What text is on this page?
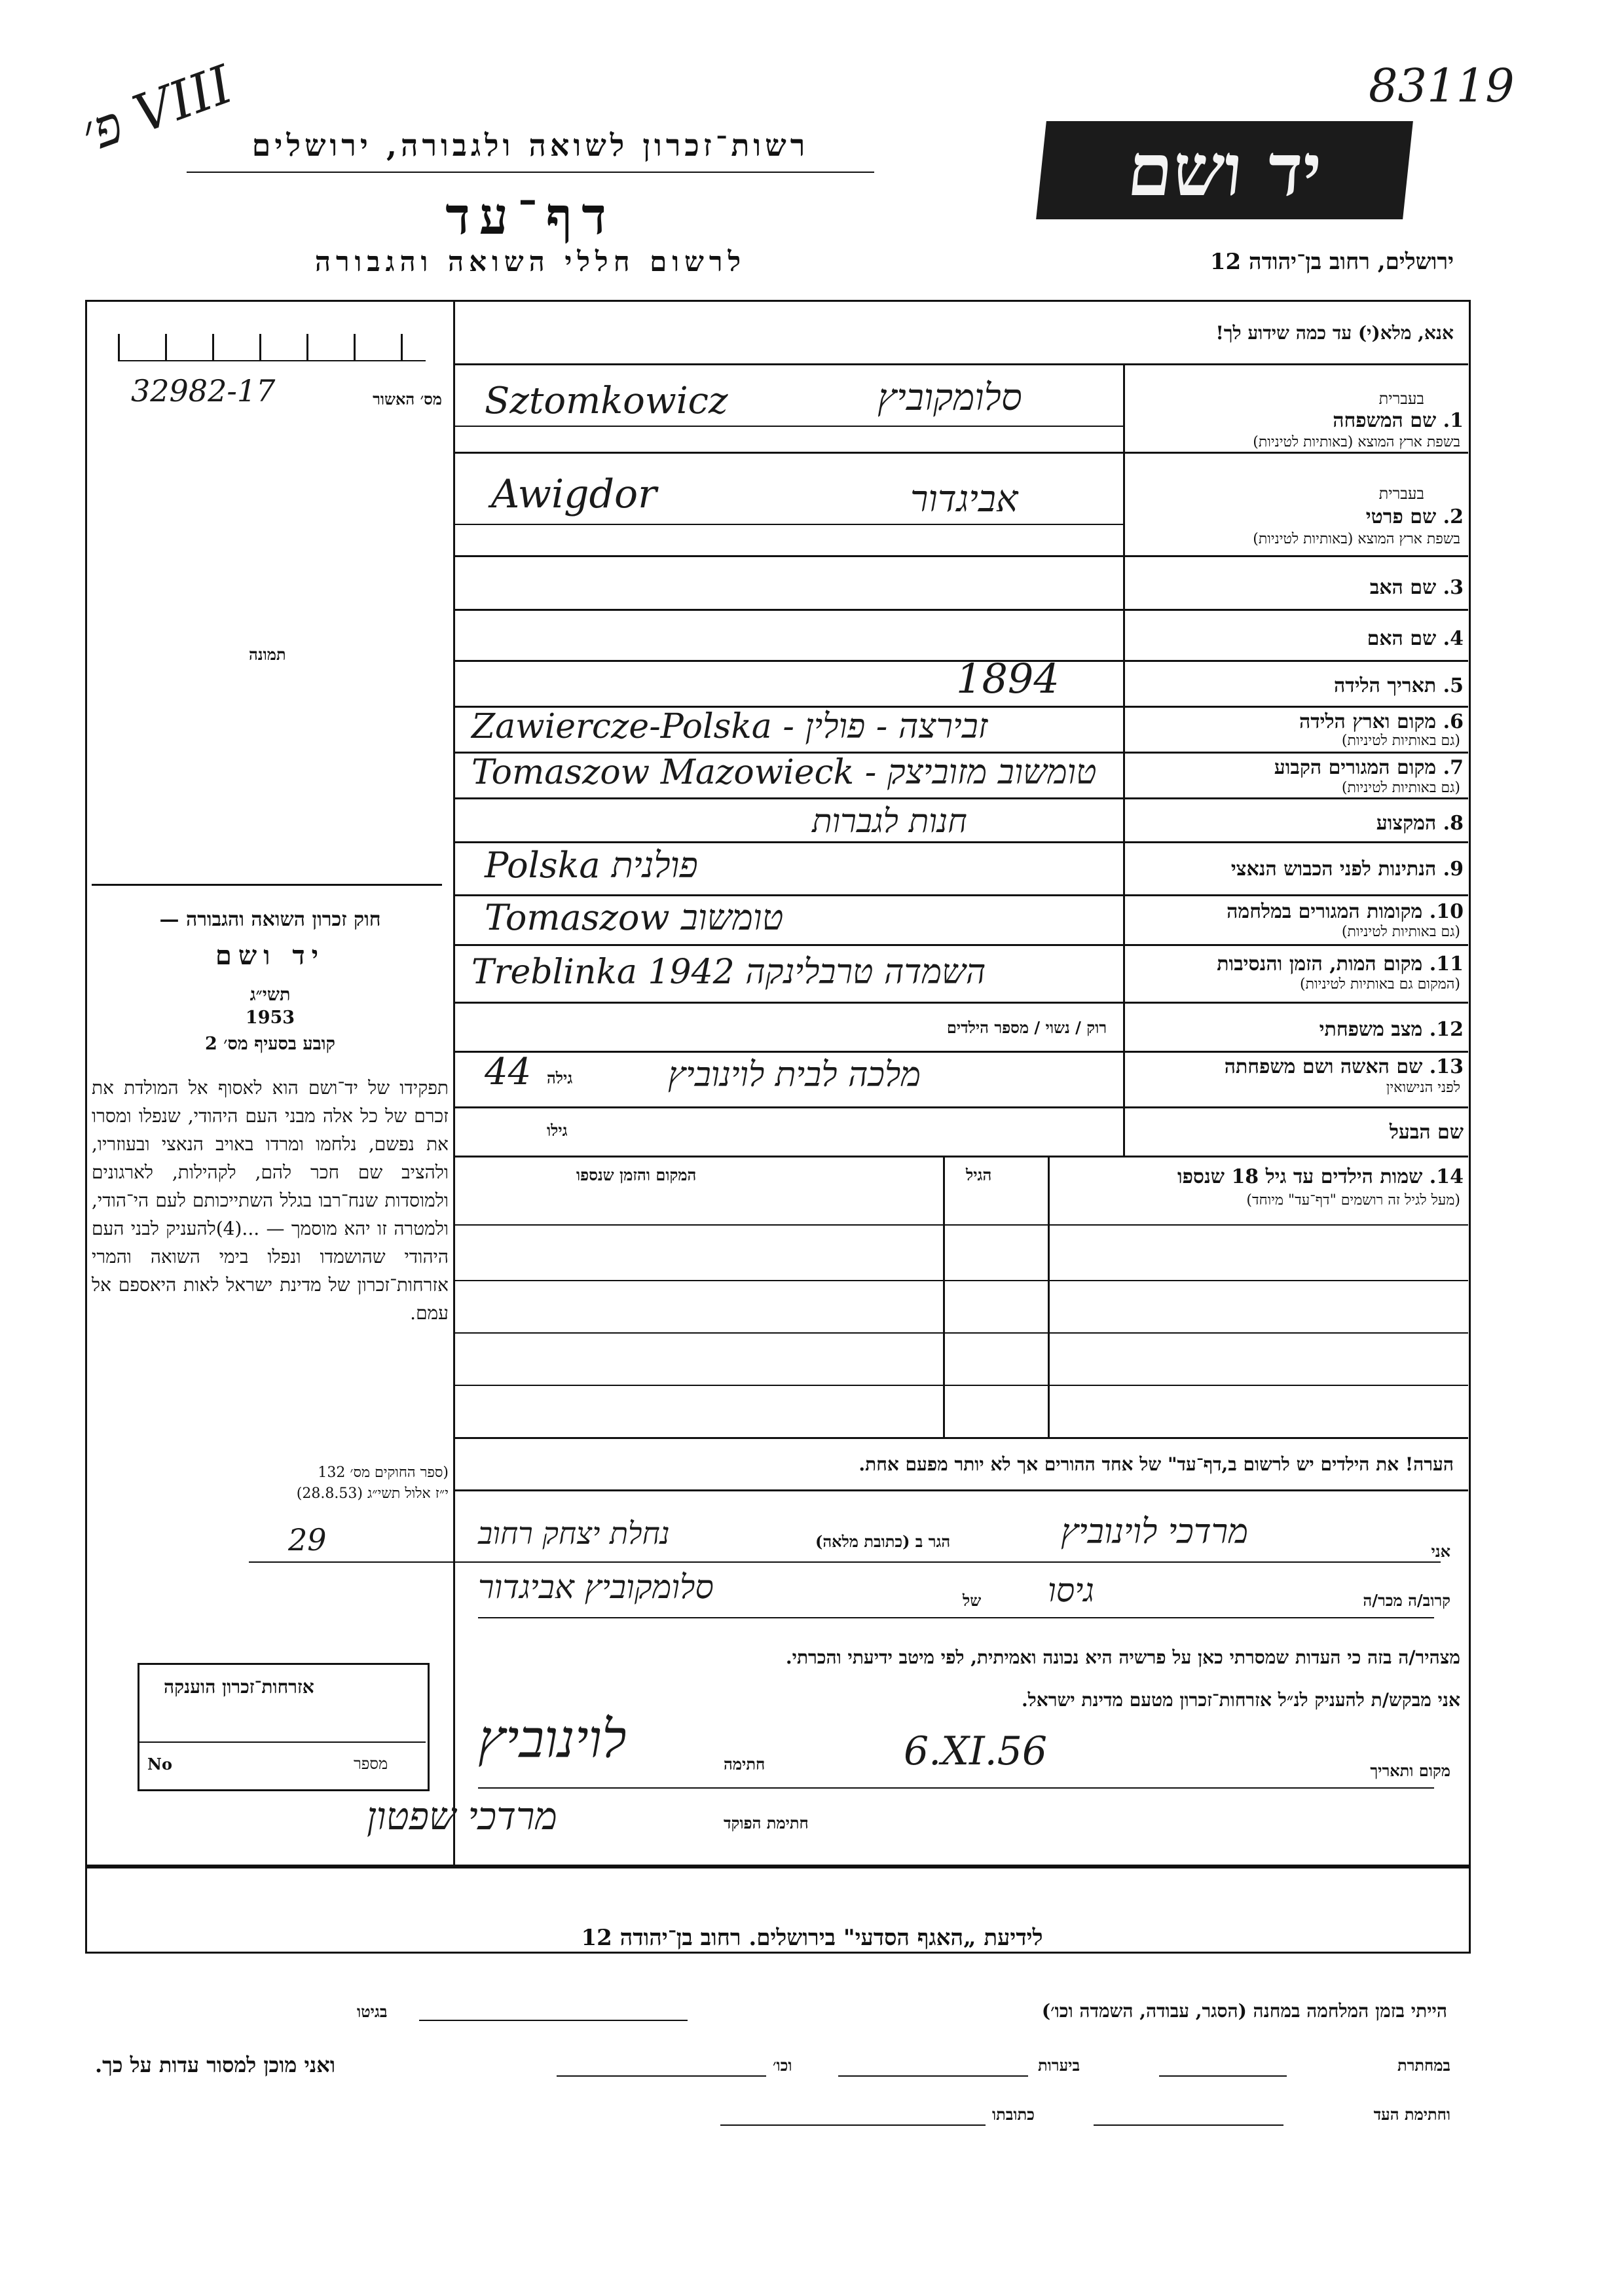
רשות־זכרון לשואה ולגבורה, ירושלים
דף־עד
לרשום חללי השואה והגבורה
יד ושם
ירושלים, רחוב בן־יהודה 12
פ׳ VIII	83119
אנא, מלא(י) עד כמה שידוע לך!
מס׳ האשור
32982-17
תמונה
בעברית
1. שם המשפחה
בשפת ארץ המוצא (באותיות לטיניות)
Sztomkowicz	סלומקוביץ
בעברית
2. שם פרטי
בשפת ארץ המוצא (באותיות לטיניות)
Awigdor	אביגדור
3. שם האב
4. שם האם
5. תאריך הלידה
1894
6. מקום וארץ הלידה
(גם באותיות לטיניות)
Zawiercze-Polska - זבירצה - פולין
7. מקום המגורים הקבוע
(גם באותיות לטיניות)
Tomaszow Mazowieck - טומשוב מזוביצק
8. המקצוע
חנות לגברות
9. הנתינות לפני הכבוש הנאצי
Polska פולנית
10. מקומות המגורים במלחמה
(גם באותיות לטיניות)
Tomaszow טומשוב
11. מקום המות, הזמן והנסיבות
(המקום גם באותיות לטיניות)
Treblinka 1942 השמדה טרבלינקה
12. מצב משפחתי
רוק / נשוי / מספר הילדים
13. שם האשה ושם משפחתה
לפני הנישואין
מלכה לבית לוינוביץ
גילה
44
שם הבעל
גילו
14. שמות הילדים עד גיל 18 שנספו
(מעל לגיל זה רושמים "דף־עד" מיוחד)
הגיל
המקום והזמן שנספו
הערה! את הילדים יש לרשום ב,דף־עד" של אחד ההורים אך לא יותר מפעם אחת.
חוק זכרון השואה והגבורה —
יד ושם
תשי״ג
1953
קובע בסעיף מס׳ 2
תפקידו של יד־ושם הוא לאסוף אל המולדת את זכרם של כל אלה מבני העם היהודי, שנפלו ומסרו את נפשם, נלחמו ומרדו באויב הנאצי ובעוזריו, ולהציב שם חכר להם, לקהילות, לארגונים ולמוסדות שנח־רבו בגלל השתייכותם לעם הי־הודי, ולמטרה זו יהא מוסמך — ...(4)להעניק לבני העם היהודי שהושמדו ונפלו בימי השואה והמרי אזרחות־זכרון של מדינת ישראל לאות היאספם אל עמם.
(ספר החוקים מס׳ 132
י״ז אלול תשי״ג (28.8.53)
אני
מרדכי לוינוביץ
הגר ב (כתובת מלאה)
נחלת יצחק רחוב
29
קרוב/ה מכר/ה
גיסו
של
סלומקוביץ אביגדור
מצהיר/ה בזה כי העדות שמסרתי כאן על פרשיה היא נכונה ואמיתית, לפי מיטב ידיעתי והכרתי.
אני מבקש/ת להעניק לנ״ל אזרחות־זכרון מטעם מדינת ישראל.
מקום ותאריך
6.XI.56
חתימה
לוינוביץ
חתימת הפוקד
מרדכי שפטון
אזרחות־זכרון הוענקה
No	מספר
לידיעת „האגף הסדעי" בירושלים. רחוב בן־יהודה 12
הייתי בזמן המלחמה במחנה (הסגר, עבודה, השמדה וכו׳)
בגיטו
במחתרת
ביערות
וכו׳
ואני מוכן למסור עדות על כך.
וחתימת העד
כתובתו
